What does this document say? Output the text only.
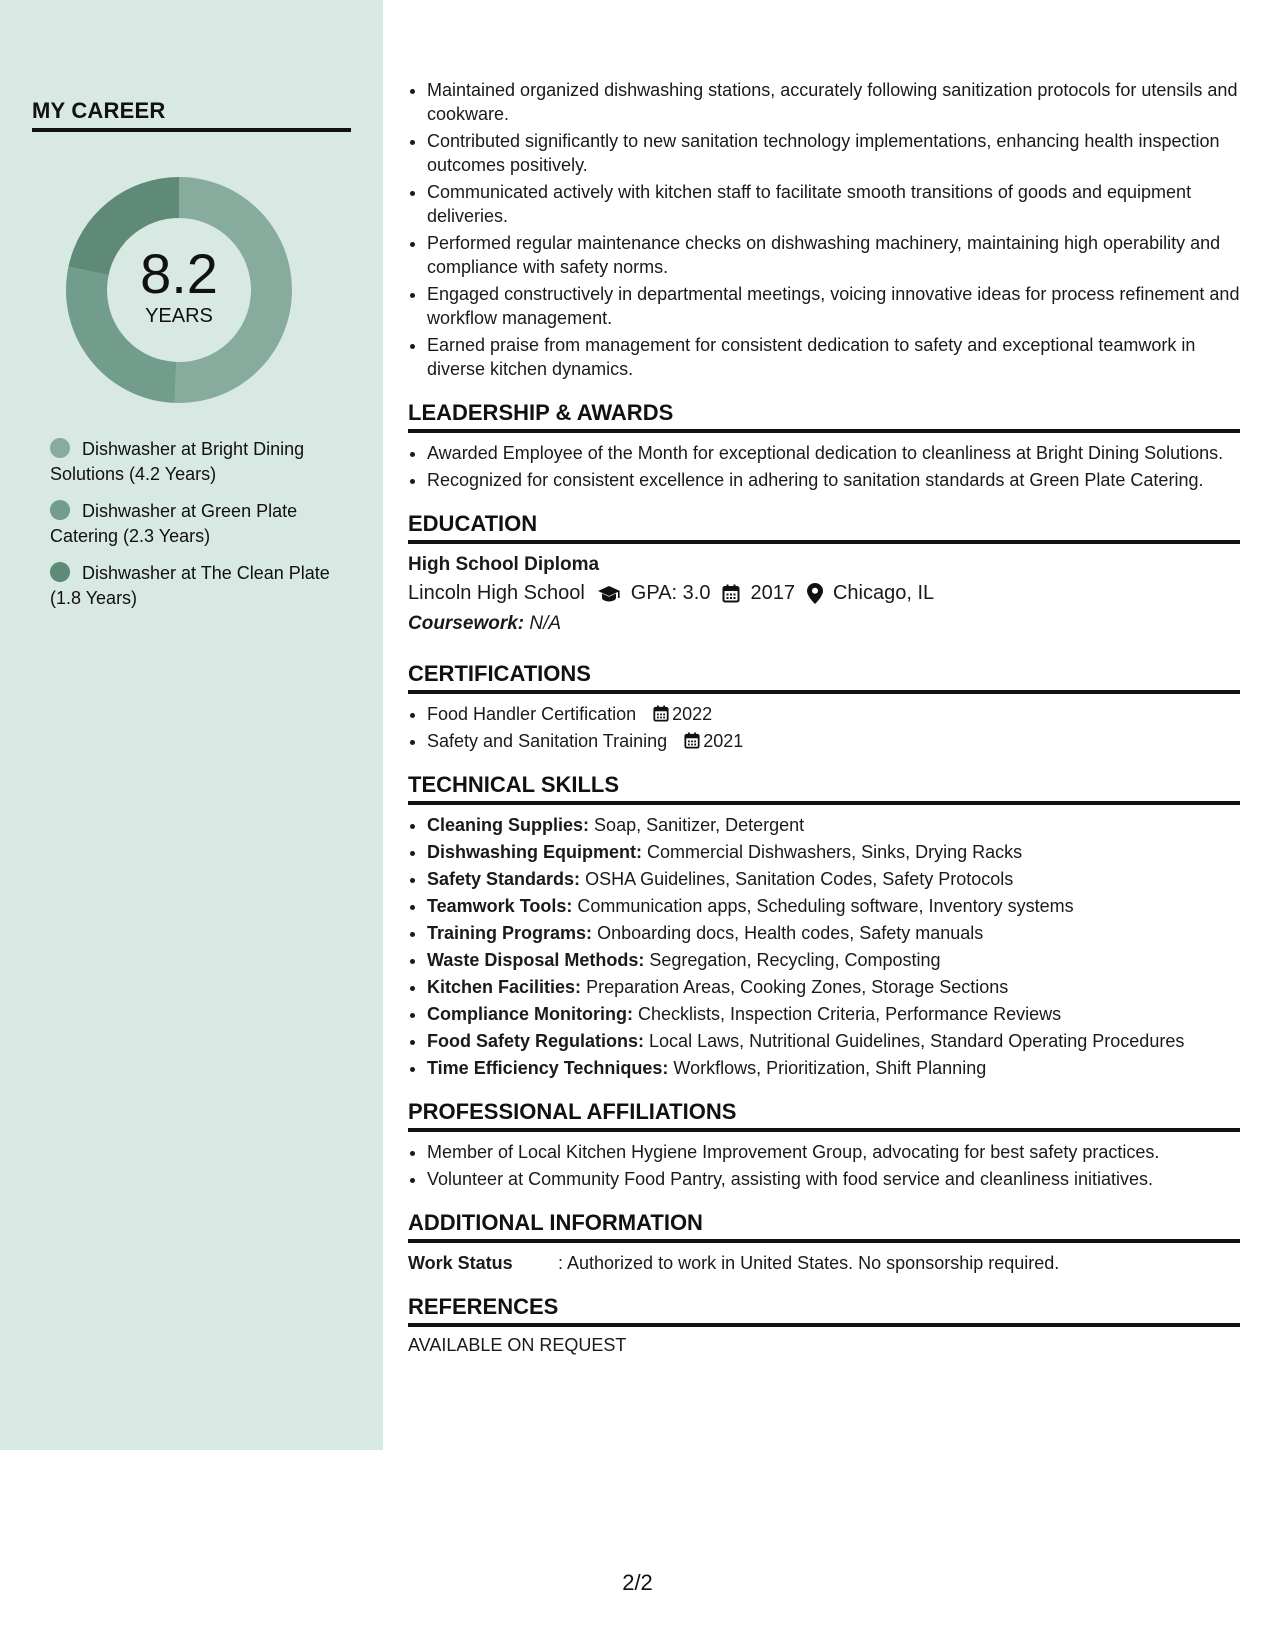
MY CAREER
8.2
YEARS
Dishwasher at Bright Dining Solutions (4.2 Years)
Dishwasher at Green Plate Catering (2.3 Years)
Dishwasher at The Clean Plate (1.8 Years)
• Maintained organized dishwashing stations, accurately following sanitization protocols for utensils and cookware.
• Contributed significantly to new sanitation technology implementations, enhancing health inspection outcomes positively.
• Communicated actively with kitchen staff to facilitate smooth transitions of goods and equipment deliveries.
• Performed regular maintenance checks on dishwashing machinery, maintaining high operability and compliance with safety norms.
• Engaged constructively in departmental meetings, voicing innovative ideas for process refinement and workflow management.
• Earned praise from management for consistent dedication to safety and exceptional teamwork in diverse kitchen dynamics.
LEADERSHIP & AWARDS
• Awarded Employee of the Month for exceptional dedication to cleanliness at Bright Dining Solutions.
• Recognized for consistent excellence in adhering to sanitation standards at Green Plate Catering.
EDUCATION
High School Diploma
Lincoln High School GPA: 3.0 2017 Chicago, IL
Coursework: N/A
CERTIFICATIONS
• Food Handler Certification 2022
• Safety and Sanitation Training 2021
TECHNICAL SKILLS
• Cleaning Supplies: Soap, Sanitizer, Detergent
• Dishwashing Equipment: Commercial Dishwashers, Sinks, Drying Racks
• Safety Standards: OSHA Guidelines, Sanitation Codes, Safety Protocols
• Teamwork Tools: Communication apps, Scheduling software, Inventory systems
• Training Programs: Onboarding docs, Health codes, Safety manuals
• Waste Disposal Methods: Segregation, Recycling, Composting
• Kitchen Facilities: Preparation Areas, Cooking Zones, Storage Sections
• Compliance Monitoring: Checklists, Inspection Criteria, Performance Reviews
• Food Safety Regulations: Local Laws, Nutritional Guidelines, Standard Operating Procedures
• Time Efficiency Techniques: Workflows, Prioritization, Shift Planning
PROFESSIONAL AFFILIATIONS
• Member of Local Kitchen Hygiene Improvement Group, advocating for best safety practices.
• Volunteer at Community Food Pantry, assisting with food service and cleanliness initiatives.
ADDITIONAL INFORMATION
Work Status	: Authorized to work in United States. No sponsorship required.
REFERENCES
AVAILABLE ON REQUEST
2/2
